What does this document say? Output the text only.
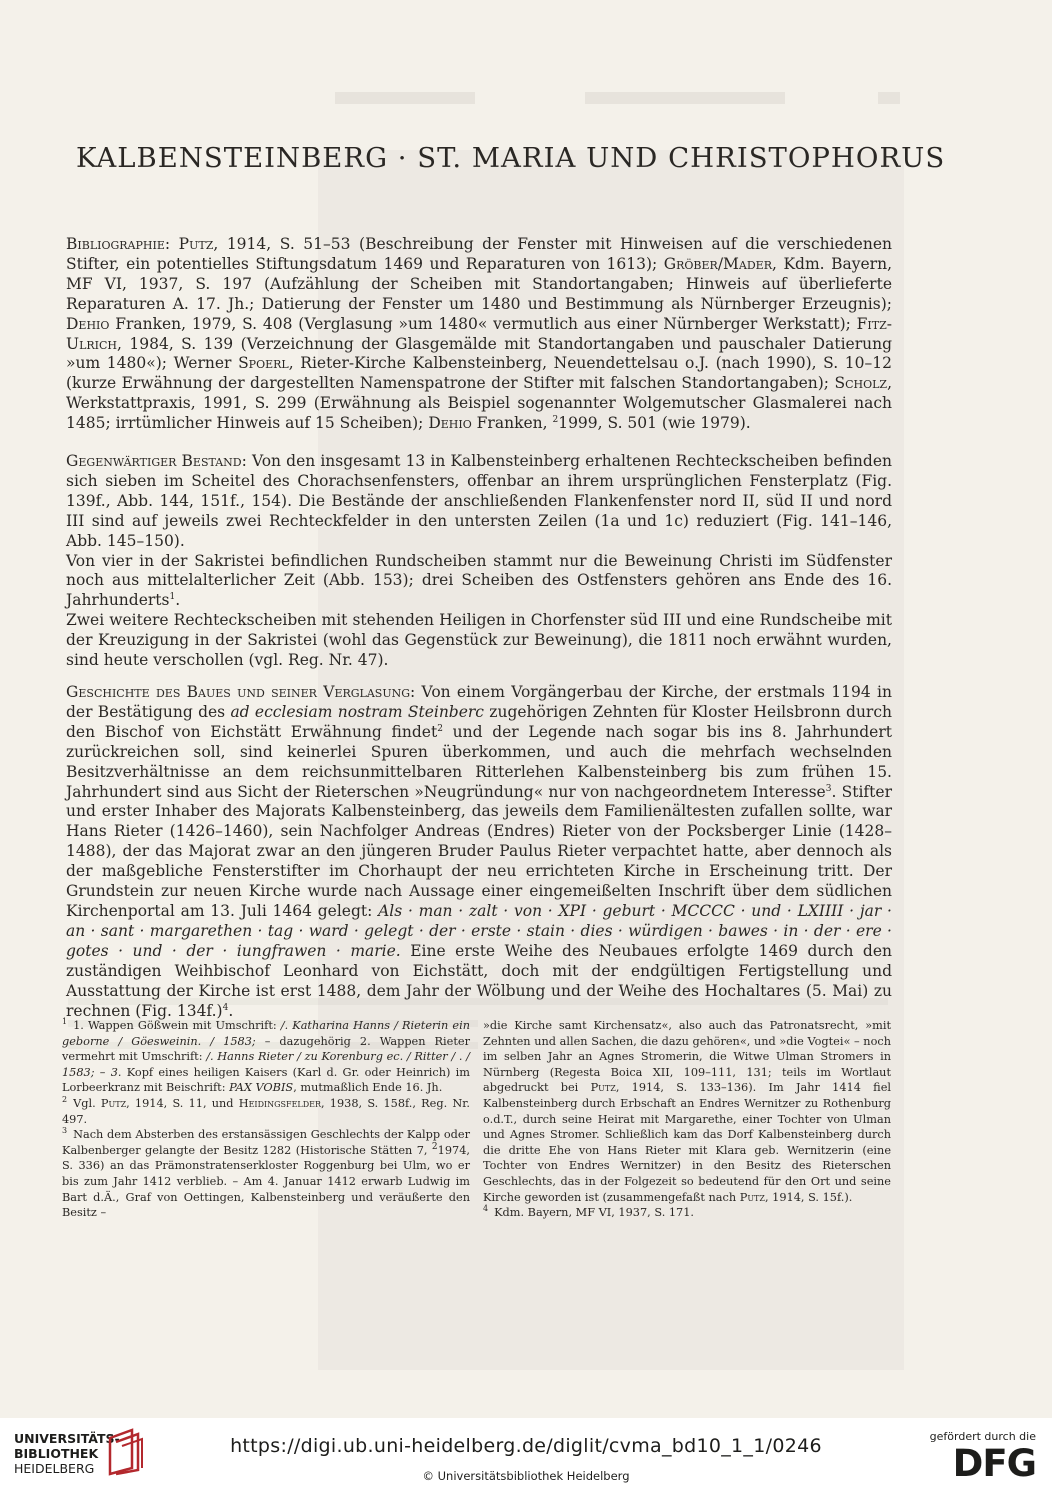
KALBENSTEINBERG · ST. MARIA UND CHRISTOPHORUS
Bibliographie: Putz, 1914, S. 51–53 (Beschreibung der Fenster mit Hinweisen auf die verschiedenen Stifter, ein potentielles Stiftungsdatum 1469 und Reparaturen von 1613); Gröber/Mader, Kdm. Bayern, MF VI, 1937, S. 197 (Aufzählung der Scheiben mit Standortangaben; Hinweis auf überlieferte Reparaturen A. 17. Jh.; Datierung der Fenster um 1480 und Bestimmung als Nürnberger Erzeugnis); Dehio Franken, 1979, S. 408 (Verglasung »um 1480« vermutlich aus einer Nürnberger Werkstatt); Fitz-Ulrich, 1984, S. 139 (Verzeichnung der Glasgemälde mit Standortangaben und pauschaler Datierung »um 1480«); Werner Spoerl, Rieter-Kirche Kalbensteinberg, Neuendettelsau o.J. (nach 1990), S. 10–12 (kurze Erwähnung der dargestellten Namenspatrone der Stifter mit falschen Standortangaben); Scholz, Werkstattpraxis, 1991, S. 299 (Erwähnung als Beispiel sogenannter Wolgemutscher Glasmalerei nach 1485; irrtümlicher Hinweis auf 15 Scheiben); Dehio Franken, $^2$1999, S. 501 (wie 1979).
Gegenwärtiger Bestand: Von den insgesamt 13 in Kalbensteinberg erhaltenen Rechteckscheiben befinden sich sieben im Scheitel des Chorachsenfensters, offenbar an ihrem ursprünglichen Fensterplatz (Fig. 139f., Abb. 144, 151f., 154). Die Bestände der anschließenden Flankenfenster nord II, süd II und nord III sind auf jeweils zwei Rechteckfelder in den untersten Zeilen (1a und 1c) reduziert (Fig. 141–146, Abb. 145–150).
Von vier in der Sakristei befindlichen Rundscheiben stammt nur die Beweinung Christi im Südfenster noch aus mittelalterlicher Zeit (Abb. 153); drei Scheiben des Ostfensters gehören ans Ende des 16. Jahrhunderts$^1$.
Zwei weitere Rechteckscheiben mit stehenden Heiligen in Chorfenster süd III und eine Rundscheibe mit der Kreuzigung in der Sakristei (wohl das Gegenstück zur Beweinung), die 1811 noch erwähnt wurden, sind heute verschollen (vgl. Reg. Nr. 47).
Geschichte des Baues und seiner Verglasung: Von einem Vorgängerbau der Kirche, der erstmals 1194 in der Bestätigung des ad ecclesiam nostram Steinberc zugehörigen Zehnten für Kloster Heilsbronn durch den Bischof von Eichstätt Erwähnung findet$^2$ und der Legende nach sogar bis ins 8. Jahrhundert zurückreichen soll, sind keinerlei Spuren überkommen, und auch die mehrfach wechselnden Besitzverhältnisse an dem reichsunmittelbaren Ritterlehen Kalbensteinberg bis zum frühen 15. Jahrhundert sind aus Sicht der Rieterschen »Neugründung« nur von nachgeordnetem Interesse$^3$. Stifter und erster Inhaber des Majorats Kalbensteinberg, das jeweils dem Familienältesten zufallen sollte, war Hans Rieter (1426–1460), sein Nachfolger Andreas (Endres) Rieter von der Pocksberger Linie (1428–1488), der das Majorat zwar an den jüngeren Bruder Paulus Rieter verpachtet hatte, aber dennoch als der maßgebliche Fensterstifter im Chorhaupt der neu errichteten Kirche in Erscheinung tritt. Der Grundstein zur neuen Kirche wurde nach Aussage einer eingemeißelten Inschrift über dem südlichen Kirchenportal am 13. Juli 1464 gelegt: Als · man · zalt · von · XPI · geburt · MCCCC · und · LXIIII · jar · an · sant · margarethen · tag · ward · gelegt · der · erste · stain · dies · würdigen · bawes · in · der · ere · gotes · und · der · iungfrawen · marie. Eine erste Weihe des Neubaues erfolgte 1469 durch den zuständigen Weihbischof Leonhard von Eichstätt, doch mit der endgültigen Fertigstellung und Ausstattung der Kirche ist erst 1488, dem Jahr der Wölbung und der Weihe des Hochaltares (5. Mai) zu rechnen (Fig. 134f.)$^4$.

$^1$ 1. Wappen Gößwein mit Umschrift: /. Katharina Hanns / Rieterin ein geborne / Göesweinin. / 1583; – dazugehörig 2. Wappen Rieter vermehrt mit Umschrift: /. Hanns Rieter / zu Korenburg ec. / Ritter / . / 1583; – 3. Kopf eines heiligen Kaisers (Karl d. Gr. oder Heinrich) im Lorbeerkranz mit Beischrift: PAX VOBIS, mutmaßlich Ende 16. Jh.

$^2$ Vgl. Putz, 1914, S. 11, und Heidingsfelder, 1938, S. 158f., Reg. Nr. 497.

$^3$ Nach dem Absterben des erstansässigen Geschlechts der Kalpp oder Kalbenberger gelangte der Besitz 1282 (Historische Stätten 7, $^2$1974, S. 336) an das Prämonstratenserkloster Roggenburg bei Ulm, wo er bis zum Jahr 1412 verblieb. – Am 4. Januar 1412 erwarb Ludwig im Bart d.Ä., Graf von Oettingen, Kalbensteinberg und veräußerte den Besitz –

»die Kirche samt Kirchensatz«, also auch das Patronatsrecht, »mit Zehnten und allen Sachen, die dazu gehören«, und »die Vogtei« – noch im selben Jahr an Agnes Stromerin, die Witwe Ulman Stromers in Nürnberg (Regesta Boica XII, 109–111, 131; teils im Wortlaut abgedruckt bei Putz, 1914, S. 133–136). Im Jahr 1414 fiel Kalbensteinberg durch Erbschaft an Endres Wernitzer zu Rothenburg o.d.T., durch seine Heirat mit Margarethe, einer Tochter von Ulman und Agnes Stromer. Schließlich kam das Dorf Kalbensteinberg durch die dritte Ehe von Hans Rieter mit Klara geb. Wernitzerin (eine Tochter von Endres Wernitzer) in den Besitz des Rieterschen Geschlechts, das in der Folgezeit so bedeutend für den Ort und seine Kirche geworden ist (zusammengefaßt nach Putz, 1914, S. 15f.).

$^4$ Kdm. Bayern, MF VI, 1937, S. 171.

UNIVERSITÄTS-
BIBLIOTHEK
HEIDELBERG
https://digi.ub.uni-heidelberg.de/diglit/cvma_bd10_1_1/0246
© Universitätsbibliothek Heidelberg
gefördert durch die
DFG
